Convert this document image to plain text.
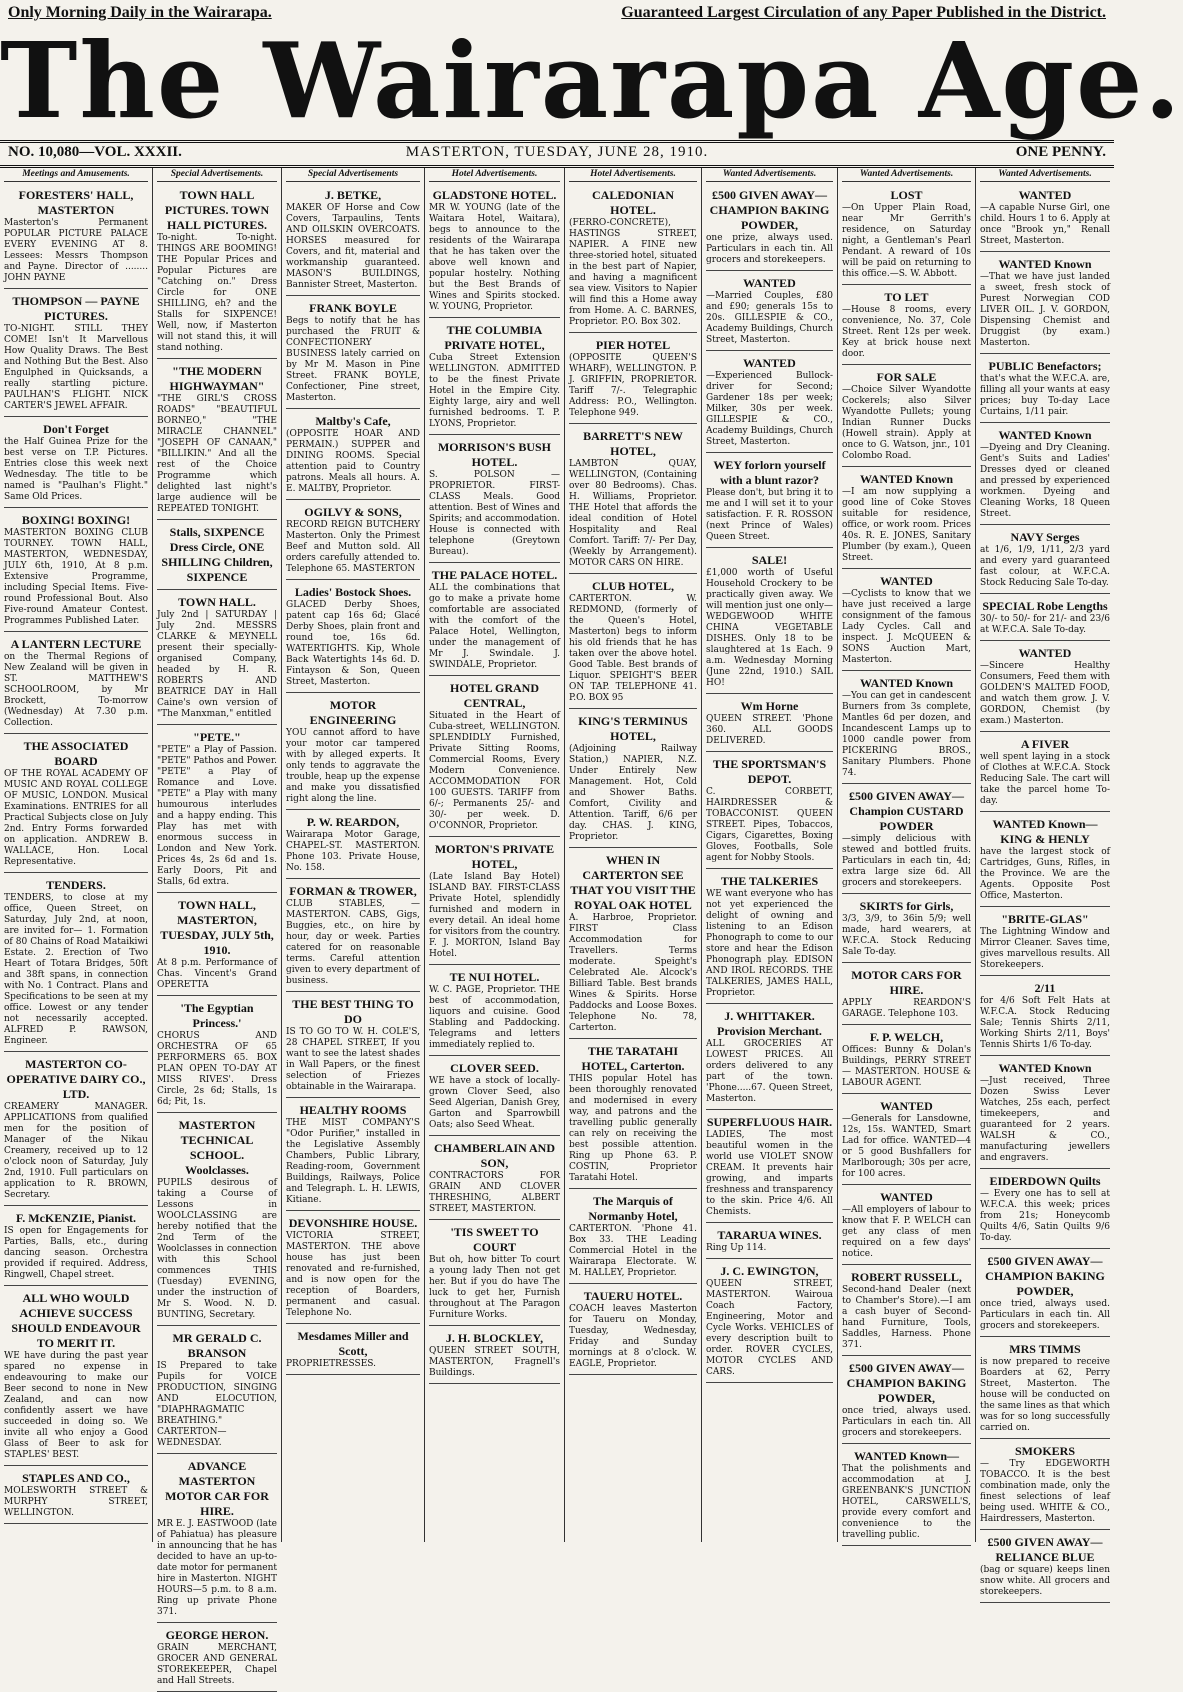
Only Morning Daily in the Wairarapa.	Guaranteed Largest Circulation of any Paper Published in the District.
The Wairarapa Age.
NO. 10,080—VOL. XXXII.	MASTERTON, TUESDAY, JUNE 28, 1910.	ONE PENNY.
Meetings and Amusements.
FORESTERS' HALL, MASTERTON
Masterton's Permanent POPULAR PICTURE PALACE EVERY EVENING AT 8. Lessees: Messrs Thompson and Payne. Director of ........ JOHN PAYNE
THOMPSON — PAYNE PICTURES.
TO-NIGHT. STILL THEY COME! Isn't It Marvellous How Quality Draws. The Best and Nothing But the Best. Also Engulphed in Quicksands, a really startling picture. PAULHAN'S FLIGHT. NICK CARTER'S JEWEL AFFAIR.
Don't Forget
the Half Guinea Prize for the best verse on T.P. Pictures. Entries close this week next Wednesday. The title to be named is "Paulhan's Flight." Same Old Prices.
BOXING! BOXING!
MASTERTON BOXING CLUB TOURNEY. TOWN HALL, MASTERTON, WEDNESDAY, JULY 6th, 1910, At 8 p.m. Extensive Programme, including Special Items. Five-round Professional Bout. Also Five-round Amateur Contest. Programmes Published Later.
A LANTERN LECTURE
on the Thermal Regions of New Zealand will be given in ST. MATTHEW'S SCHOOLROOM, by Mr Brockett, To-morrow (Wednesday) At 7.30 p.m. Collection.
THE ASSOCIATED BOARD
OF THE ROYAL ACADEMY OF MUSIC AND ROYAL COLLEGE OF MUSIC, LONDON. Musical Examinations. ENTRIES for all Practical Subjects close on July 2nd. Entry Forms forwarded on application. ANDREW B. WALLACE, Hon. Local Representative.
TENDERS.
TENDERS, to close at my office, Queen Street, on Saturday, July 2nd, at noon, are invited for— 1. Formation of 80 Chains of Road Mataikiwi Estate. 2. Erection of Two Heart of Totara Bridges, 50ft and 38ft spans, in connection with No. 1 Contract. Plans and Specifications to be seen at my office. Lowest or any tender not necessarily accepted. ALFRED P. RAWSON, Engineer.
MASTERTON CO-OPERATIVE DAIRY CO., LTD.
CREAMERY MANAGER. APPLICATIONS from qualified men for the position of Manager of the Nikau Creamery, received up to 12 o'clock noon of Saturday, July 2nd, 1910. Full particulars on application to R. BROWN, Secretary.
F. McKENZIE, Pianist.
IS open for Engagements for Parties, Balls, etc., during dancing season. Orchestra provided if required. Address, Ringwell, Chapel street.
ALL WHO WOULD ACHIEVE SUCCESS SHOULD ENDEAVOUR TO MERIT IT.
WE have during the past year spared no expense in endeavouring to make our Beer second to none in New Zealand, and can now confidently assert we have succeeded in doing so. We invite all who enjoy a Good Glass of Beer to ask for STAPLES' BEST.
STAPLES AND CO.,
MOLESWORTH STREET & MURPHY STREET, WELLINGTON.
Special Advertisements.
TOWN HALL PICTURES. TOWN HALL PICTURES.
To-night. To-night. THINGS ARE BOOMING! THE Popular Prices and Popular Pictures are "Catching on." Dress Circle for ONE SHILLING, eh? and the Stalls for SIXPENCE! Well, now, if Masterton will not stand this, it will stand nothing.
"THE MODERN HIGHWAYMAN"
"THE GIRL'S CROSS ROADS" "BEAUTIFUL BORNEO," "THE MIRACLE CHANNEL" "JOSEPH OF CANAAN," "BILLIKIN." And all the rest of the Choice Programme which delighted last night's large audience will be REPEATED TONIGHT.
Stalls, SIXPENCE Dress Circle, ONE SHILLING Children, SIXPENCE
TOWN HALL.
July 2nd | SATURDAY | July 2nd. MESSRS CLARKE & MEYNELL present their specially-organised Company, headed by H. R. ROBERTS AND BEATRICE DAY in Hall Caine's own version of "The Manxman," entitled
"PETE."
"PETE" a Play of Passion. "PETE" Pathos and Power. "PETE" a Play of Romance and Love. "PETE" a Play with many humourous interludes and a happy ending. This Play has met with enormous success in London and New York. Prices 4s, 2s 6d and 1s. Early Doors, Pit and Stalls, 6d extra.
TOWN HALL, MASTERTON, TUESDAY, JULY 5th, 1910.
At 8 p.m. Performance of Chas. Vincent's Grand OPERETTA
'The Egyptian Princess.'
CHORUS AND ORCHESTRA OF 65 PERFORMERS 65. BOX PLAN OPEN TO-DAY AT MISS RIVES'. Dress Circle, 2s 6d; Stalls, 1s 6d; Pit, 1s.
MASTERTON TECHNICAL SCHOOL. Woolclasses.
PUPILS desirous of taking a Course of Lessons in WOOLCLASSING are hereby notified that the 2nd Term of the Woolclasses in connection with this School commences THIS (Tuesday) EVENING, under the instruction of Mr S. Wood. N. D. BUNTING, Secretary.
MR GERALD C. BRANSON
IS Prepared to take Pupils for VOICE PRODUCTION, SINGING AND ELOCUTION, "DIAPHRAGMATIC BREATHING." CARTERTON—WEDNESDAY.
ADVANCE MASTERTON MOTOR CAR FOR HIRE.
MR E. J. EASTWOOD (late of Pahiatua) has pleasure in announcing that he has decided to have an up-to-date motor for permanent hire in Masterton. NIGHT HOURS—5 p.m. to 8 a.m. Ring up private Phone 371.
GEORGE HERON.
GRAIN MERCHANT, GROCER AND GENERAL STOREKEEPER, Chapel and Hall Streets.
Special Advertisements
J. BETKE,
MAKER OF Horse and Cow Covers, Tarpaulins, Tents AND OILSKIN OVERCOATS. HORSES measured for Covers, and fit, material and workmanship guaranteed. MASON'S BUILDINGS, Bannister Street, Masterton.
FRANK BOYLE
Begs to notify that he has purchased the FRUIT & CONFECTIONERY BUSINESS lately carried on by Mr M. Mason in Pine Street. FRANK BOYLE, Confectioner, Pine street, Masterton.
Maltby's Cafe,
(OPPOSITE HOAR AND PERMAIN.) SUPPER and DINING ROOMS. Special attention paid to Country patrons. Meals all hours. A. E. MALTBY, Proprietor.
OGILVY & SONS,
RECORD REIGN BUTCHERY Masterton. Only the Primest Beef and Mutton sold. All orders carefully attended to. Telephone 65. MASTERTON
Ladies' Bostock Shoes.
GLACED Derby Shoes, patent cap 16s 6d; Glacé Derby Shoes, plain front and round toe, 16s 6d. WATERTIGHTS. Kip, Whole Back Watertights 14s 6d. D. Fintayson & Son, Queen Street, Masterton.
MOTOR ENGINEERING
YOU cannot afford to have your motor car tampered with by alleged experts. It only tends to aggravate the trouble, heap up the expense and make you dissatisfied right along the line.
P. W. REARDON,
Wairarapa Motor Garage, CHAPEL-ST. MASTERTON. Phone 103. Private House, No. 158.
FORMAN & TROWER,
CLUB STABLES, — MASTERTON. CABS, Gigs, Buggies, etc., on hire by hour, day or week. Parties catered for on reasonable terms. Careful attention given to every department of business.
THE BEST THING TO DO
IS TO GO TO W. H. COLE'S, 28 CHAPEL STREET, If you want to see the latest shades in Wall Papers, or the finest selection of Friezes obtainable in the Wairarapa.
HEALTHY ROOMS
THE MIST COMPANY'S "Odor Purifier," installed in the Legislative Assembly Chambers, Public Library, Reading-room, Government Buildings, Railways, Police and Telegraph. L. H. LEWIS, Kitiane.
DEVONSHIRE HOUSE.
VICTORIA STREET, MASTERTON. THE above house has just been renovated and re-furnished, and is now open for the reception of Boarders, permanent and casual. Telephone No.
Mesdames Miller and Scott,
PROPRIETRESSES.
Hotel Advertisements.
GLADSTONE HOTEL.
MR W. YOUNG (late of the Waitara Hotel, Waitara), begs to announce to the residents of the Wairarapa that he has taken over the above well known and popular hostelry. Nothing but the Best Brands of Wines and Spirits stocked. W. YOUNG, Proprietor.
THE COLUMBIA PRIVATE HOTEL,
Cuba Street Extension WELLINGTON. ADMITTED to be the finest Private Hotel in the Empire City. Eighty large, airy and well furnished bedrooms. T. P. LYONS, Proprietor.
MORRISON'S BUSH HOTEL.
S. POLSON — PROPRIETOR. FIRST-CLASS Meals. Good attention. Best of Wines and Spirits; and accommodation. House is connected with telephone (Greytown Bureau).
THE PALACE HOTEL.
ALL the combinations that go to make a private home comfortable are associated with the comfort of the Palace Hotel, Wellington, under the management of Mr J. Swindale. J. SWINDALE, Proprietor.
HOTEL GRAND CENTRAL,
Situated in the Heart of Cuba-street, WELLINGTON. SPLENDIDLY Furnished, Private Sitting Rooms, Commercial Rooms, Every Modern Convenience. ACCOMMODATION FOR 100 GUESTS. TARIFF from 6/-; Permanents 25/- and 30/- per week. D. O'CONNOR, Proprietor.
MORTON'S PRIVATE HOTEL,
(Late Island Bay Hotel) ISLAND BAY. FIRST-CLASS Private Hotel, splendidly furnished and modern in every detail. An ideal home for visitors from the country. F. J. MORTON, Island Bay Hotel.
TE NUI HOTEL.
W. C. PAGE, Proprietor. THE best of accommodation, liquors and cuisine. Good Stabling and Paddocking. Telegrams and letters immediately replied to.
CLOVER SEED.
WE have a stock of locally-grown Clover Seed, also Seed Algerian, Danish Grey, Garton and Sparrowbill Oats; also Seed Wheat.
CHAMBERLAIN AND SON,
CONTRACTORS FOR GRAIN AND CLOVER THRESHING, ALBERT STREET, MASTERTON.
'TIS SWEET TO COURT
But oh, how bitter To court a young lady Then not get her. But if you do have The luck to get her, Furnish throughout at The Paragon Furniture Works.
J. H. BLOCKLEY,
QUEEN STREET SOUTH, MASTERTON, Fragnell's Buildings.
Hotel Advertisements.
CALEDONIAN HOTEL.
(FERRO-CONCRETE), HASTINGS STREET, NAPIER. A FINE new three-storied hotel, situated in the best part of Napier, and having a magnificent sea view. Visitors to Napier will find this a Home away from Home. A. C. BARNES, Proprietor. P.O. Box 302.
PIER HOTEL
(OPPOSITE QUEEN'S WHARF), WELLINGTON. P. J. GRIFFIN, PROPRIETOR. Tariff 7/-. Telegraphic Address: P.O., Wellington. Telephone 949.
BARRETT'S NEW HOTEL,
LAMBTON QUAY, WELLINGTON, (Containing over 80 Bedrooms). Chas. H. Williams, Proprietor. THE Hotel that affords the ideal condition of Hotel Hospitality and Real Comfort. Tariff: 7/- Per Day, (Weekly by Arrangement). MOTOR CARS ON HIRE.
CLUB HOTEL,
CARTERTON. W. REDMOND, (formerly of the Queen's Hotel, Masterton) begs to inform his old friends that he has taken over the above hotel. Good Table. Best brands of Liquor. SPEIGHT'S BEER ON TAP. TELEPHONE 41. P.O. BOX 95
KING'S TERMINUS HOTEL,
(Adjoining Railway Station,) NAPIER, N.Z. Under Entirely New Management. Hot, Cold and Shower Baths. Comfort, Civility and Attention. Tariff, 6/6 per day. CHAS. J. KING, Proprietor.
WHEN IN CARTERTON SEE THAT YOU VISIT THE ROYAL OAK HOTEL
A. Harbroe, Proprietor. FIRST Class Accommodation for Travellers. Terms moderate. Speight's Celebrated Ale. Alcock's Billiard Table. Best brands Wines & Spirits. Horse Paddocks and Loose Boxes. Telephone No. 78, Carterton.
THE TARATAHI HOTEL, Carterton.
THIS popular Hotel has been thoroughly renovated and modernised in every way, and patrons and the travelling public generally can rely on receiving the best possible attention. Ring up Phone 63. P. COSTIN, Proprietor Taratahi Hotel.
The Marquis of Normanby Hotel,
CARTERTON. 'Phone 41. Box 33. THE Leading Commercial Hotel in the Wairarapa Electorate. W. M. HALLEY, Proprietor.
TAUERU HOTEL.
COACH leaves Masterton for Taueru on Monday, Tuesday, Wednesday, Friday and Sunday mornings at 8 o'clock. W. EAGLE, Proprietor.
Wanted Advertisements.
£500 GIVEN AWAY—CHAMPION BAKING POWDER,
one prize, always used. Particulars in each tin. All grocers and storekeepers.
WANTED
—Married Couples, £80 and £90; generals 15s to 20s. GILLESPIE & CO., Academy Buildings, Church Street, Masterton.
WANTED
—Experienced Bullock-driver for Second; Gardener 18s per week; Milker, 30s per week. GILLESPIE & CO., Academy Buildings, Church Street, Masterton.
WEY forlorn yourself with a blunt razor?
Please don't, but bring it to me and I will set it to your satisfaction. F. R. ROSSON (next Prince of Wales) Queen Street.
SALE!
£1,000 worth of Useful Household Crockery to be practically given away. We will mention just one only—WEDGEWOOD WHITE CHINA VEGETABLE DISHES. Only 18 to be slaughtered at 1s Each. 9 a.m. Wednesday Morning (June 22nd, 1910.) SAIL HO!
Wm Horne
QUEEN STREET. 'Phone 360. ALL GOODS DELIVERED.
THE SPORTSMAN'S DEPOT.
C. CORBETT, HAIRDRESSER & TOBACCONIST. QUEEN STREET. Pipes, Tobaccos, Cigars, Cigarettes, Boxing Gloves, Footballs, Sole agent for Nobby Stools.
THE TALKERIES
WE want everyone who has not yet experienced the delight of owning and listening to an Edison Phonograph to come to our store and hear the Edison Phonograph play. EDISON AND IROL RECORDS. THE TALKERIES, JAMES HALL, Proprietor.
J. WHITTAKER. Provision Merchant.
ALL GROCERIES AT LOWEST PRICES. All orders delivered to any part of the town. 'Phone.....67. Queen Street, Masterton.
SUPERFLUOUS HAIR.
LADIES, The most beautiful women in the world use VIOLET SNOW CREAM. It prevents hair growing, and imparts freshness and transparency to the skin. Price 4/6. All Chemists.
TARARUA WINES.
Ring Up 114.
J. C. EWINGTON,
QUEEN STREET, MASTERTON. Wairoua Coach Factory, Engineering, Motor and Cycle Works. VEHICLES of every description built to order. ROVER CYCLES, MOTOR CYCLES AND CARS.
Wanted Advertisements.
LOST
—On Upper Plain Road, near Mr Gerrith's residence, on Saturday night, a Gentleman's Pearl Pendant. A reward of 10s will be paid on returning to this office.—S. W. Abbott.
TO LET
—House 8 rooms, every convenience, No. 37, Cole Street. Rent 12s per week. Key at brick house next door.
FOR SALE
—Choice Silver Wyandotte Cockerels; also Silver Wyandotte Pullets; young Indian Runner Ducks (Howell strain). Apply at once to G. Watson, jnr., 101 Colombo Road.
WANTED Known
—I am now supplying a good line of Coke Stoves suitable for residence, office, or work room. Prices 40s. R. E. JONES, Sanitary Plumber (by exam.), Queen Street.
WANTED
—Cyclists to know that we have just received a large consignment of the famous Lady Cycles. Call and inspect. J. McQUEEN & SONS Auction Mart, Masterton.
WANTED Known
—You can get in candescent Burners from 3s complete, Mantles 6d per dozen, and Incandescent Lamps up to 1000 candle power from PICKERING BROS., Sanitary Plumbers. Phone 74.
£500 GIVEN AWAY—Champion CUSTARD POWDER
—simply delicious with stewed and bottled fruits. Particulars in each tin, 4d; extra large size 6d. All grocers and storekeepers.
SKIRTS for Girls,
3/3, 3/9, to 36in 5/9; well made, hard wearers, at W.F.C.A. Stock Reducing Sale To-day.
MOTOR CARS FOR HIRE.
APPLY REARDON'S GARAGE. Telephone 103.
F. P. WELCH,
Offices: Bunny & Dolan's Buildings, PERRY STREET — MASTERTON. HOUSE & LABOUR AGENT.
WANTED
—Generals for Lansdowne, 12s, 15s. WANTED, Smart Lad for office. WANTED—4 or 5 good Bushfallers for Marlborough; 30s per acre, for 100 acres.
WANTED
—All employers of labour to know that F. P. WELCH can get any class of men required on a few days' notice.
ROBERT RUSSELL,
Second-hand Dealer (next to Chamber's Store).—I am a cash buyer of Second-hand Furniture, Tools, Saddles, Harness. Phone 371.
£500 GIVEN AWAY—CHAMPION BAKING POWDER,
once tried, always used. Particulars in each tin. All grocers and storekeepers.
WANTED Known—
That the polishments and accommodation at J. GREENBANK'S JUNCTION HOTEL, CARSWELL'S, provide every comfort and convenience to the travelling public.
Wanted Advertisements.
WANTED
—A capable Nurse Girl, one child. Hours 1 to 6. Apply at once "Brook yn," Renall Street, Masterton.
WANTED Known
—That we have just landed a sweet, fresh stock of Purest Norwegian COD LIVER OIL. J. V. GORDON, Dispensing Chemist and Druggist (by exam.) Masterton.
PUBLIC Benefactors;
that's what the W.F.C.A. are, filling all your wants at easy prices; buy To-day Lace Curtains, 1/11 pair.
WANTED Known
—Dyeing and Dry Cleaning. Gent's Suits and Ladies' Dresses dyed or cleaned and pressed by experienced workmen. Dyeing and Cleaning Works, 18 Queen Street.
NAVY Serges
at 1/6, 1/9, 1/11, 2/3 yard and every yard guaranteed fast colour, at W.F.C.A. Stock Reducing Sale To-day.
SPECIAL Robe Lengths
30/- to 50/- for 21/- and 23/6 at W.F.C.A. Sale To-day.
WANTED
—Sincere Healthy Consumers, Feed them with GOLDEN'S MALTED FOOD, and watch them grow. J. V. GORDON, Chemist (by exam.) Masterton.
A FIVER
well spent laying in a stock of Clothes at W.F.C.A. Stock Reducing Sale. The cart will take the parcel home To-day.
WANTED Known—KING & HENLY
have the largest stock of Cartridges, Guns, Rifles, in the Province. We are the Agents. Opposite Post Office, Masterton.
"BRITE-GLAS"
The Lightning Window and Mirror Cleaner. Saves time, gives marvellous results. All Storekeepers.
2/11
for 4/6 Soft Felt Hats at W.F.C.A. Stock Reducing Sale; Tennis Shirts 2/11, Working Shirts 2/11, Boys' Tennis Shirts 1/6 To-day.
WANTED Known
—Just received, Three Dozen Swiss Lever Watches, 25s each, perfect timekeepers, and guaranteed for 2 years. WALSH & CO., manufacturing jewellers and engravers.
EIDERDOWN Quilts
— Every one has to sell at W.F.C.A. this week; prices from 21s; Honeycomb Quilts 4/6, Satin Quilts 9/6 To-day.
£500 GIVEN AWAY—CHAMPION BAKING POWDER,
once tried, always used. Particulars in each tin. All grocers and storekeepers.
MRS TIMMS
is now prepared to receive Boarders at 62, Perry Street, Masterton. The house will be conducted on the same lines as that which was for so long successfully carried on.
SMOKERS
— Try EDGEWORTH TOBACCO. It is the best combination made, only the finest selections of leaf being used. WHITE & CO., Hairdressers, Masterton.
£500 GIVEN AWAY—RELIANCE BLUE
(bag or square) keeps linen snow white. All grocers and storekeepers.
